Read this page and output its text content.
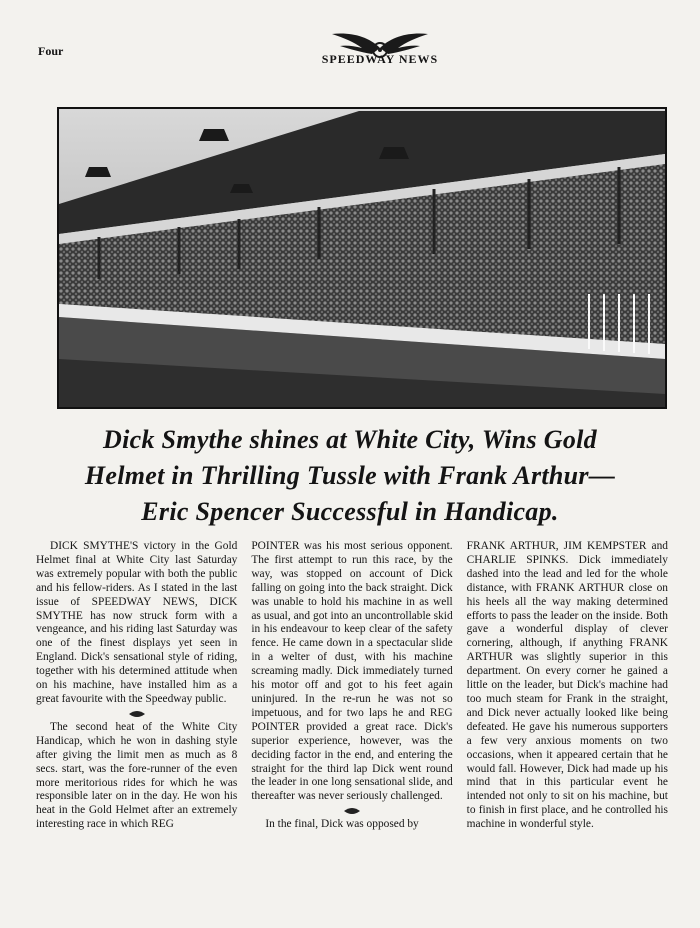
Four
SPEEDWAY NEWS
Dick Smythe shines at White City, Wins Gold
Helmet in Thrilling Tussle with Frank Arthur—
Eric Spencer Successful in Handicap.

DICK SMYTHE'S victory in the Gold Helmet final at White City last Saturday was extremely popular with both the public and his fellow-riders. As I stated in the last issue of SPEEDWAY NEWS, DICK SMYTHE has now struck form with a vengeance, and his riding last Saturday was one of the finest displays yet seen in England. Dick's sensational style of riding, together with his determined attitude when on his machine, have installed him as a great favourite with the Speedway public.

The second heat of the White City Handicap, which he won in dashing style after giving the limit men as much as 8 secs. start, was the fore-runner of the even more meritorious rides for which he was responsible later on in the day. He won his heat in the Gold Helmet after an extremely interesting race in which REG

POINTER was his most serious opponent. The first attempt to run this race, by the way, was stopped on account of Dick falling on going into the back straight. Dick was unable to hold his machine in as well as usual, and got into an uncontrollable skid in his endeavour to keep clear of the safety fence. He came down in a spectacular slide in a welter of dust, with his machine screaming madly. Dick immediately turned his motor off and got to his feet again uninjured. In the re-run he was not so impetuous, and for two laps he and REG POINTER provided a great race. Dick's superior experience, however, was the deciding factor in the end, and entering the straight for the third lap Dick went round the leader in one long sensational slide, and thereafter was never seriously challenged.

In the final, Dick was opposed by

FRANK ARTHUR, JIM KEMPSTER and CHARLIE SPINKS. Dick immediately dashed into the lead and led for the whole distance, with FRANK ARTHUR close on his heels all the way making determined efforts to pass the leader on the inside. Both gave a wonderful display of clever cornering, although, if anything FRANK ARTHUR was slightly superior in this department. On every corner he gained a little on the leader, but Dick's machine had too much steam for Frank in the straight, and Dick never actually looked like being defeated. He gave his numerous supporters a few very anxious moments on two occasions, when it appeared certain that he would fall. However, Dick had made up his mind that in this particular event he intended not only to sit on his machine, but to finish in first place, and he controlled his machine in wonderful style.
